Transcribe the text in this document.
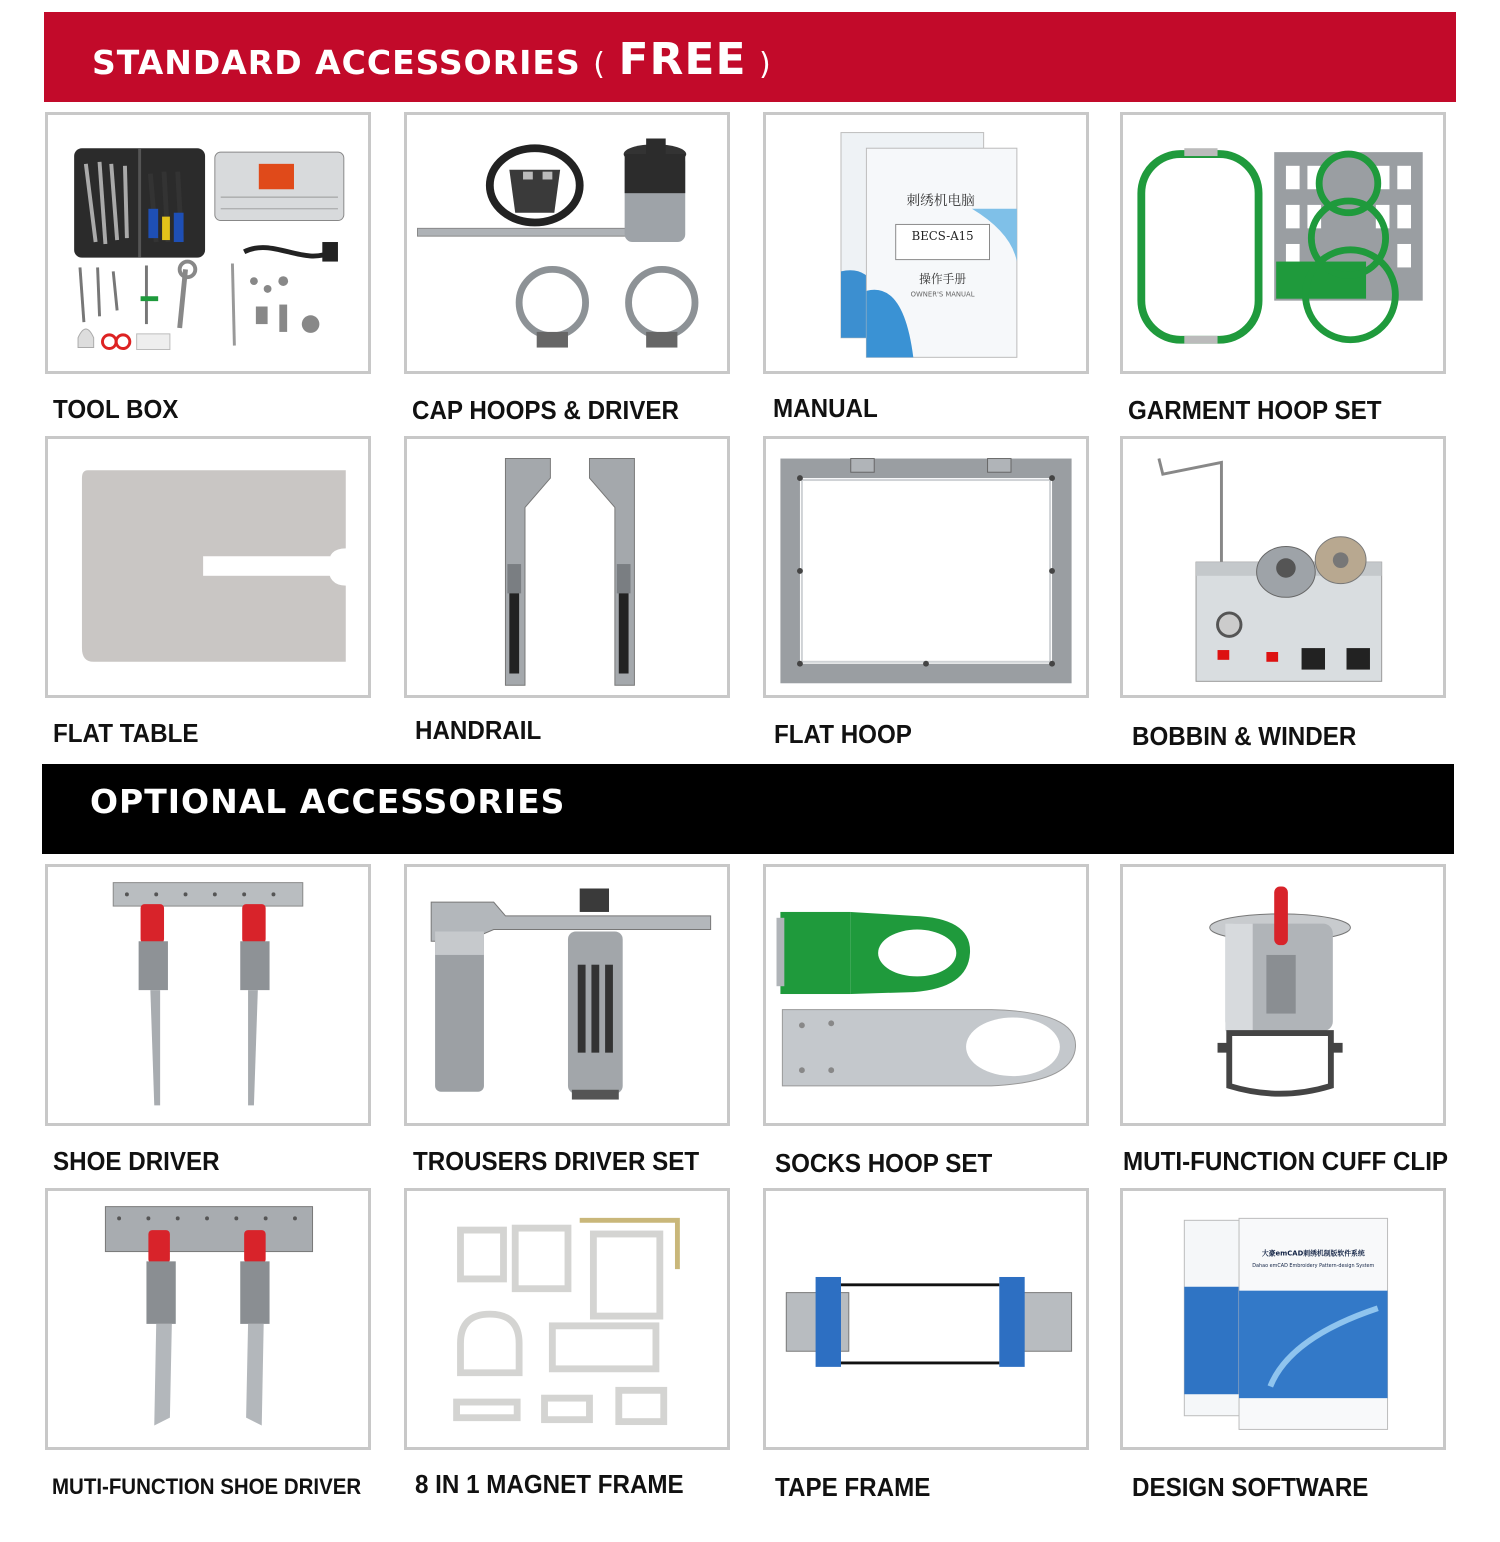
STANDARD ACCESSORIES ( FREE )
TOOL BOX	CAP HOOPS & DRIVER
刺绣机电脑
BECS-A15
操作手册
OWNER'S MANUAL
MANUAL	GARMENT HOOP SET
FLAT TABLE	HANDRAIL	FLAT HOOP	BOBBIN & WINDER
OPTIONAL ACCESSORIES
SHOE DRIVER	TROUSERS DRIVER SET	SOCKS HOOP SET	MUTI-FUNCTION CUFF CLIP
MUTI-FUNCTION SHOE DRIVER 8 IN 1 MAGNET FRAME	TAPE FRAME
大豪emCAD刺绣机制版软件系统
Dahao emCAD Embroidery Pattern-design System
DESIGN SOFTWARE
